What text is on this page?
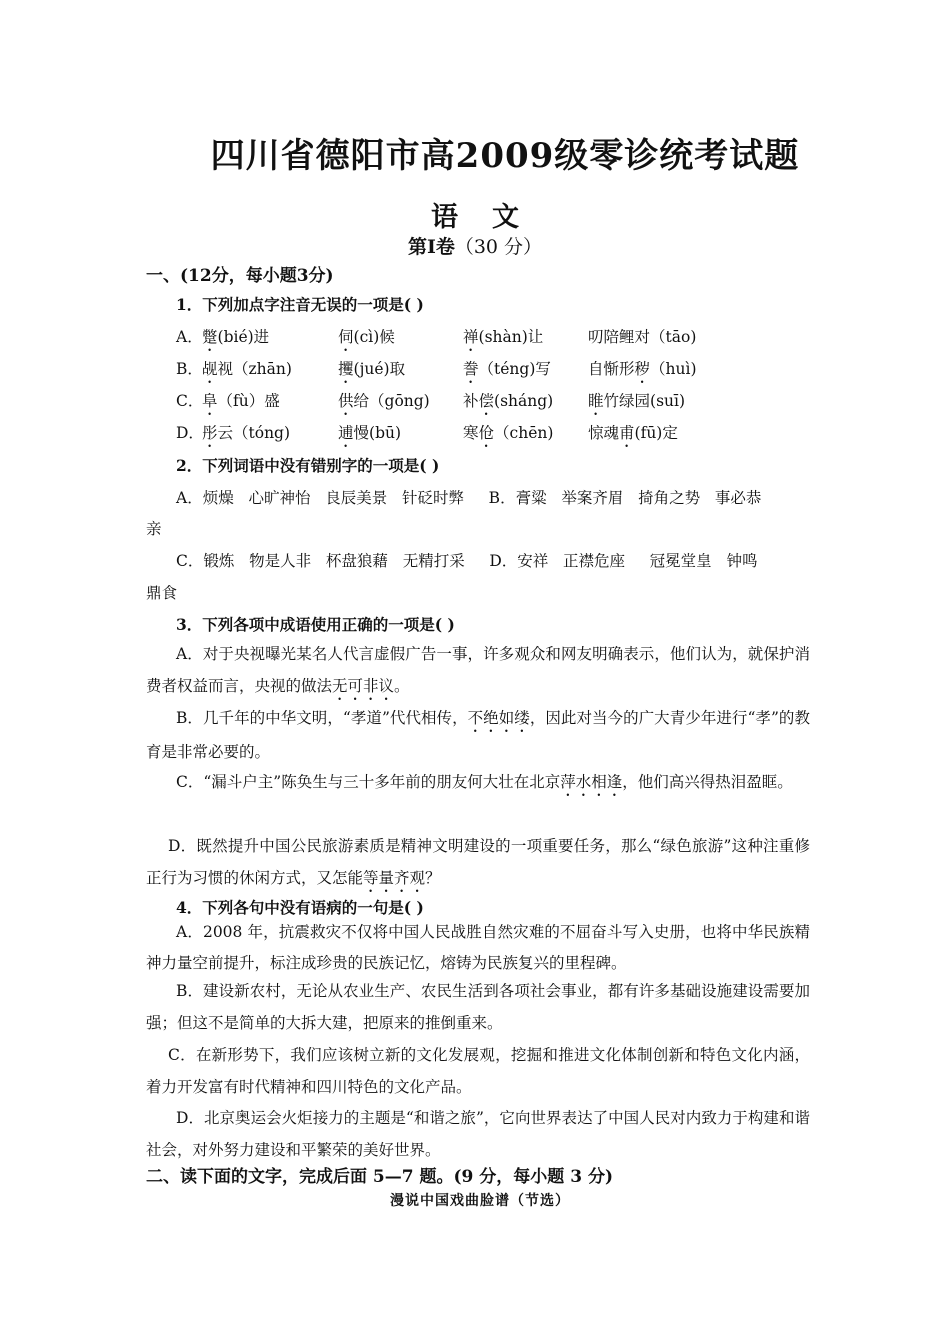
四川省德阳市高2009级零诊统考试题
语文
第Ⅰ卷（30 分）
一、(12分，每小题3分)
1．下列加点字注音无误的一项是( )
A． 蹩(bié)进	伺(cì)候	禅(shàn)让	叨陪鲤对（tāo)
B． 觇视（zhān)	攫(jué)取	誊（téng)写 自惭形秽（huì)
C．
阜（fù）盛	供给（gōng) 补偿(sháng) 睢竹绿园(suī)
D．
彤云（tóng)	逋慢(bū)	寒伧（chēn) 惊魂甫(fū)定
2．下列词语中没有错别字的一项是( )
A．烦燥   心旷神怡   良辰美景   针砭时弊     B．膏粱   举案齐眉   掎角之势   事必恭
亲
C．锻炼   物是人非   杯盘狼藉   无精打采     D．安祥   正襟危座     冠冕堂皇   钟鸣
鼎食
3．下列各项中成语使用正确的一项是( )
A．对于央视曝光某名人代言虚假广告一事，许多观众和网友明确表示，他们认为，就保护消费者权益而言，央视的做法无可非议。
B．几千年的中华文明，“孝道”代代相传，不绝如缕，因此对当今的广大青少年进行“孝”的教育是非常必要的。
C．“漏斗户主”陈奂生与三十多年前的朋友何大壮在北京萍水相逢，他们高兴得热泪盈眶。
D．既然提升中国公民旅游素质是精神文明建设的一项重要任务，那么“绿色旅游”这种注重修正行为习惯的休闲方式，又怎能等量齐观？
4．下列各句中没有语病的一句是( )
A．2008 年，抗震救灾不仅将中国人民战胜自然灾难的不屈奋斗写入史册，也将中华民族精神力量空前提升，标注成珍贵的民族记忆，熔铸为民族复兴的里程碑。
B．建设新农村，无论从农业生产、农民生活到各项社会事业，都有许多基础设施建设需要加强；但这不是简单的大拆大建，把原来的推倒重来。
C．在新形势下，我们应该树立新的文化发展观，挖掘和推进文化体制创新和特色文化内涵，着力开发富有时代精神和四川特色的文化产品。
D．北京奥运会火炬接力的主题是“和谐之旅”，它向世界表达了中国人民对内致力于构建和谐社会，对外努力建设和平繁荣的美好世界。
二、读下面的文字，完成后面 5—7 题。(9 分，每小题 3 分)
漫说中国戏曲脸谱（节选）
